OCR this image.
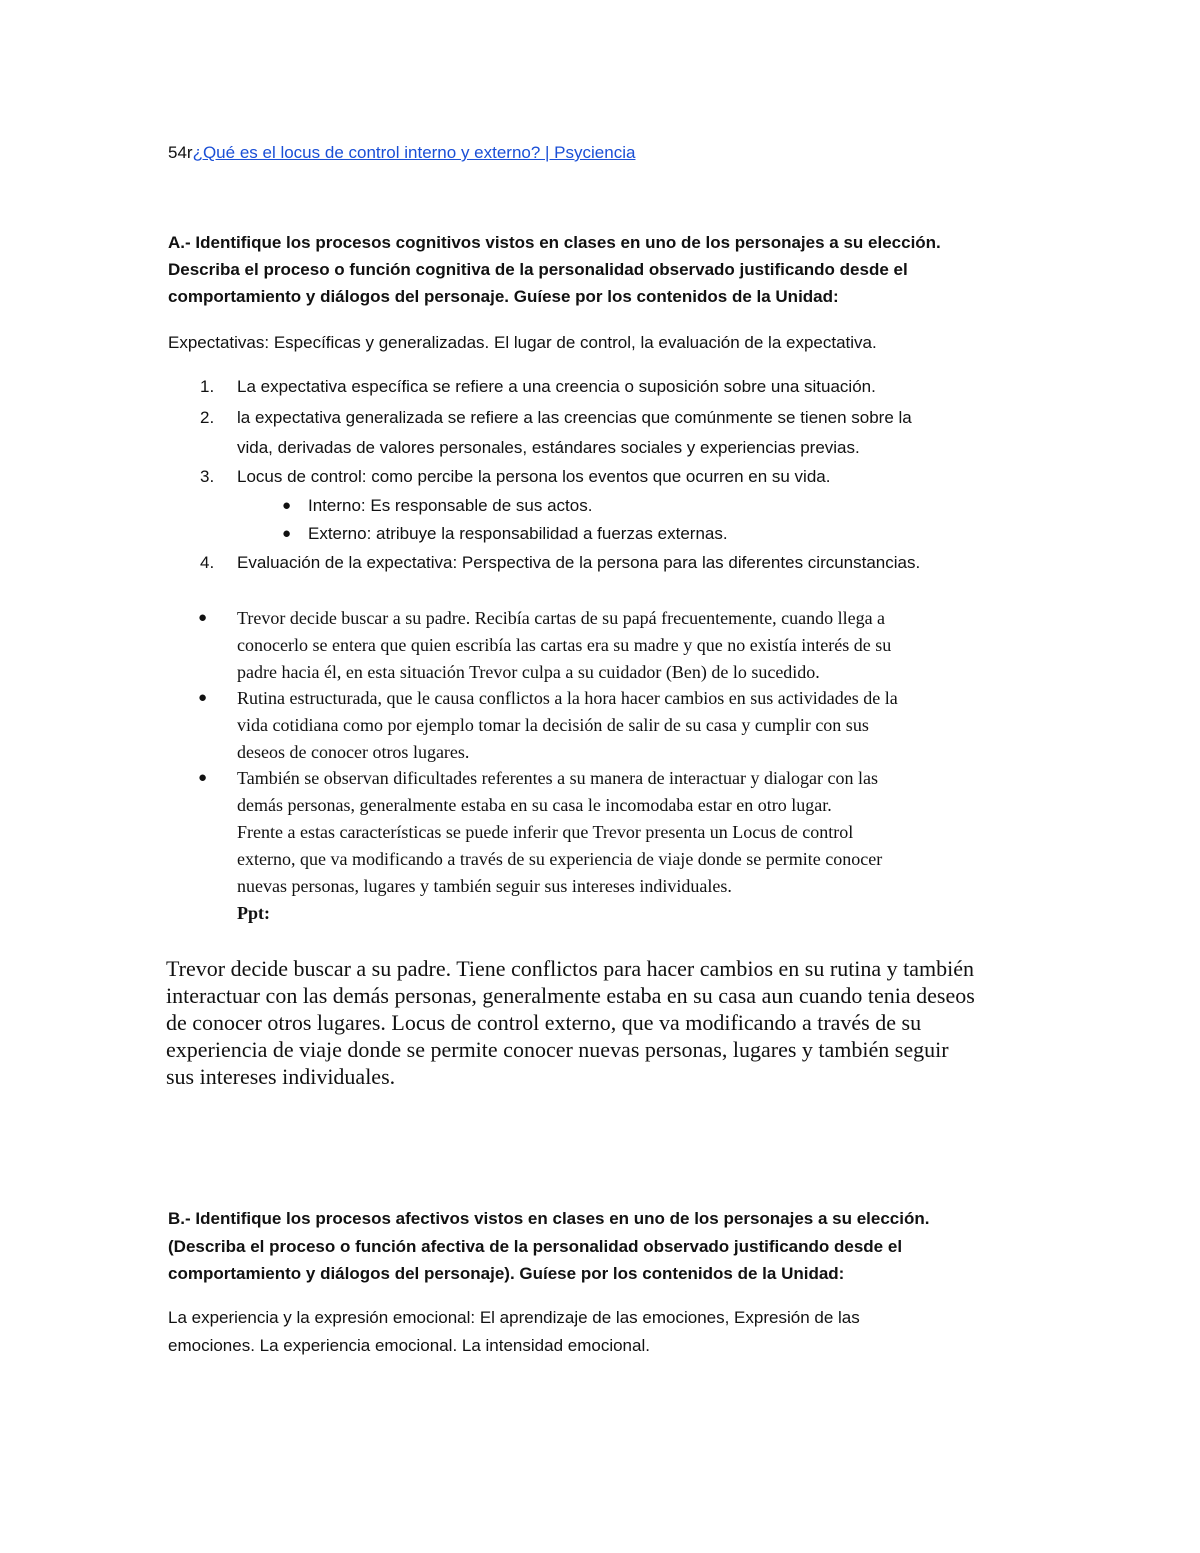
54r¿Qué es el locus de control interno y externo? | Psyciencia
A.- Identifique los procesos cognitivos vistos en clases en uno de los personajes a su elección.
Describa el proceso o función cognitiva de la personalidad observado justificando desde el
comportamiento y diálogos del personaje. Guíese por los contenidos de la Unidad:
Expectativas: Específicas y generalizadas. El lugar de control, la evaluación de la expectativa.
1.	La expectativa específica se refiere a una creencia o suposición sobre una situación.
2.	la expectativa generalizada se refiere a las creencias que comúnmente se tienen sobre la
vida, derivadas de valores personales, estándares sociales y experiencias previas.
3.	Locus de control: como percibe la persona los eventos que ocurren en su vida.
● Interno: Es responsable de sus actos.
● Externo: atribuye la responsabilidad a fuerzas externas.
4.	Evaluación de la expectativa: Perspectiva de la persona para las diferentes circunstancias.
● Trevor decide buscar a su padre. Recibía cartas de su papá frecuentemente, cuando llega a
conocerlo se entera que quien escribía las cartas era su madre y que no existía interés de su
padre hacia él, en esta situación Trevor culpa a su cuidador (Ben) de lo sucedido.
● Rutina estructurada, que le causa conflictos a la hora hacer cambios en sus actividades de la
vida cotidiana como por ejemplo tomar la decisión de salir de su casa y cumplir con sus
deseos de conocer otros lugares.
● También se observan dificultades referentes a su manera de interactuar y dialogar con las
demás personas, generalmente estaba en su casa le incomodaba estar en otro lugar.
Frente a estas características se puede inferir que Trevor presenta un Locus de control
externo, que va modificando a través de su experiencia de viaje donde se permite conocer
nuevas personas, lugares y también seguir sus intereses individuales.
Ppt:
Trevor decide buscar a su padre. Tiene conflictos para hacer cambios en su rutina y también
interactuar con las demás personas, generalmente estaba en su casa aun cuando tenia deseos
de conocer otros lugares. Locus de control externo, que va modificando a través de su
experiencia de viaje donde se permite conocer nuevas personas, lugares y también seguir
sus intereses individuales.
B.- Identifique los procesos afectivos vistos en clases en uno de los personajes a su elección.
(Describa el proceso o función afectiva de la personalidad observado justificando desde el
comportamiento y diálogos del personaje). Guíese por los contenidos de la Unidad:
La experiencia y la expresión emocional: El aprendizaje de las emociones, Expresión de las
emociones. La experiencia emocional. La intensidad emocional.
